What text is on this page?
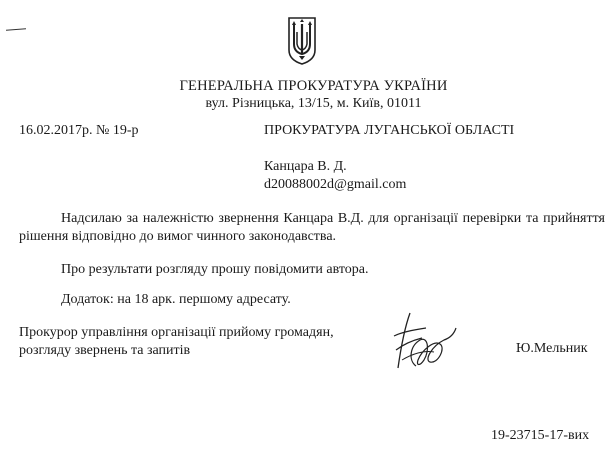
ГЕНЕРАЛЬНА ПРОКУРАТУРА УКРАЇНИ
вул. Різницька, 13/15, м. Київ, 01011
16.02.2017р. № 19-р	ПРОКУРАТУРА ЛУГАНСЬКОЇ ОБЛАСТІ
Канцара В. Д.
d20088002d@gmail.com
Надсилаю за належністю звернення Канцара В.Д. для організації перевірки та прийняття рішення відповідно до вимог чинного законодавства.
Про результати розгляду прошу повідомити автора.
Додаток: на 18 арк. першому адресату.
Прокурор управління організації прийому громадян,
розгляду звернень та запитів	Ю.Мельник
19-23715-17-вих
